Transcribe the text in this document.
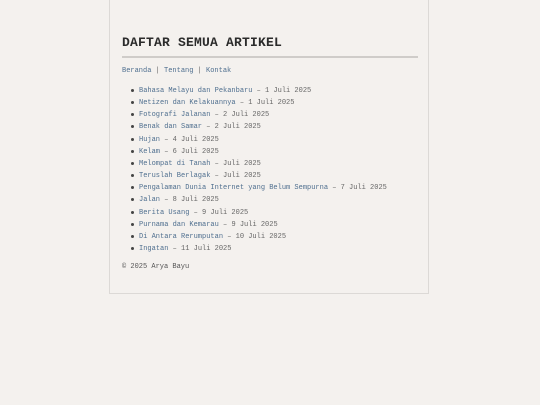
DAFTAR SEMUA ARTIKEL
Beranda | Tentang | Kontak
Bahasa Melayu dan Pekanbaru – 1 Juli 2025
Netizen dan Kelakuannya – 1 Juli 2025
Fotografi Jalanan – 2 Juli 2025
Benak dan Samar – 2 Juli 2025
Hujan – 4 Juli 2025
Kelam – 6 Juli 2025
Melompat di Tanah – Juli 2025
Teruslah Berlagak – Juli 2025
Pengalaman Dunia Internet yang Belum Sempurna – 7 Juli 2025
Jalan – 8 Juli 2025
Berita Usang – 9 Juli 2025
Purnama dan Kemarau – 9 Juli 2025
Di Antara Rerumputan – 10 Juli 2025
Ingatan – 11 Juli 2025
© 2025 Arya Bayu
